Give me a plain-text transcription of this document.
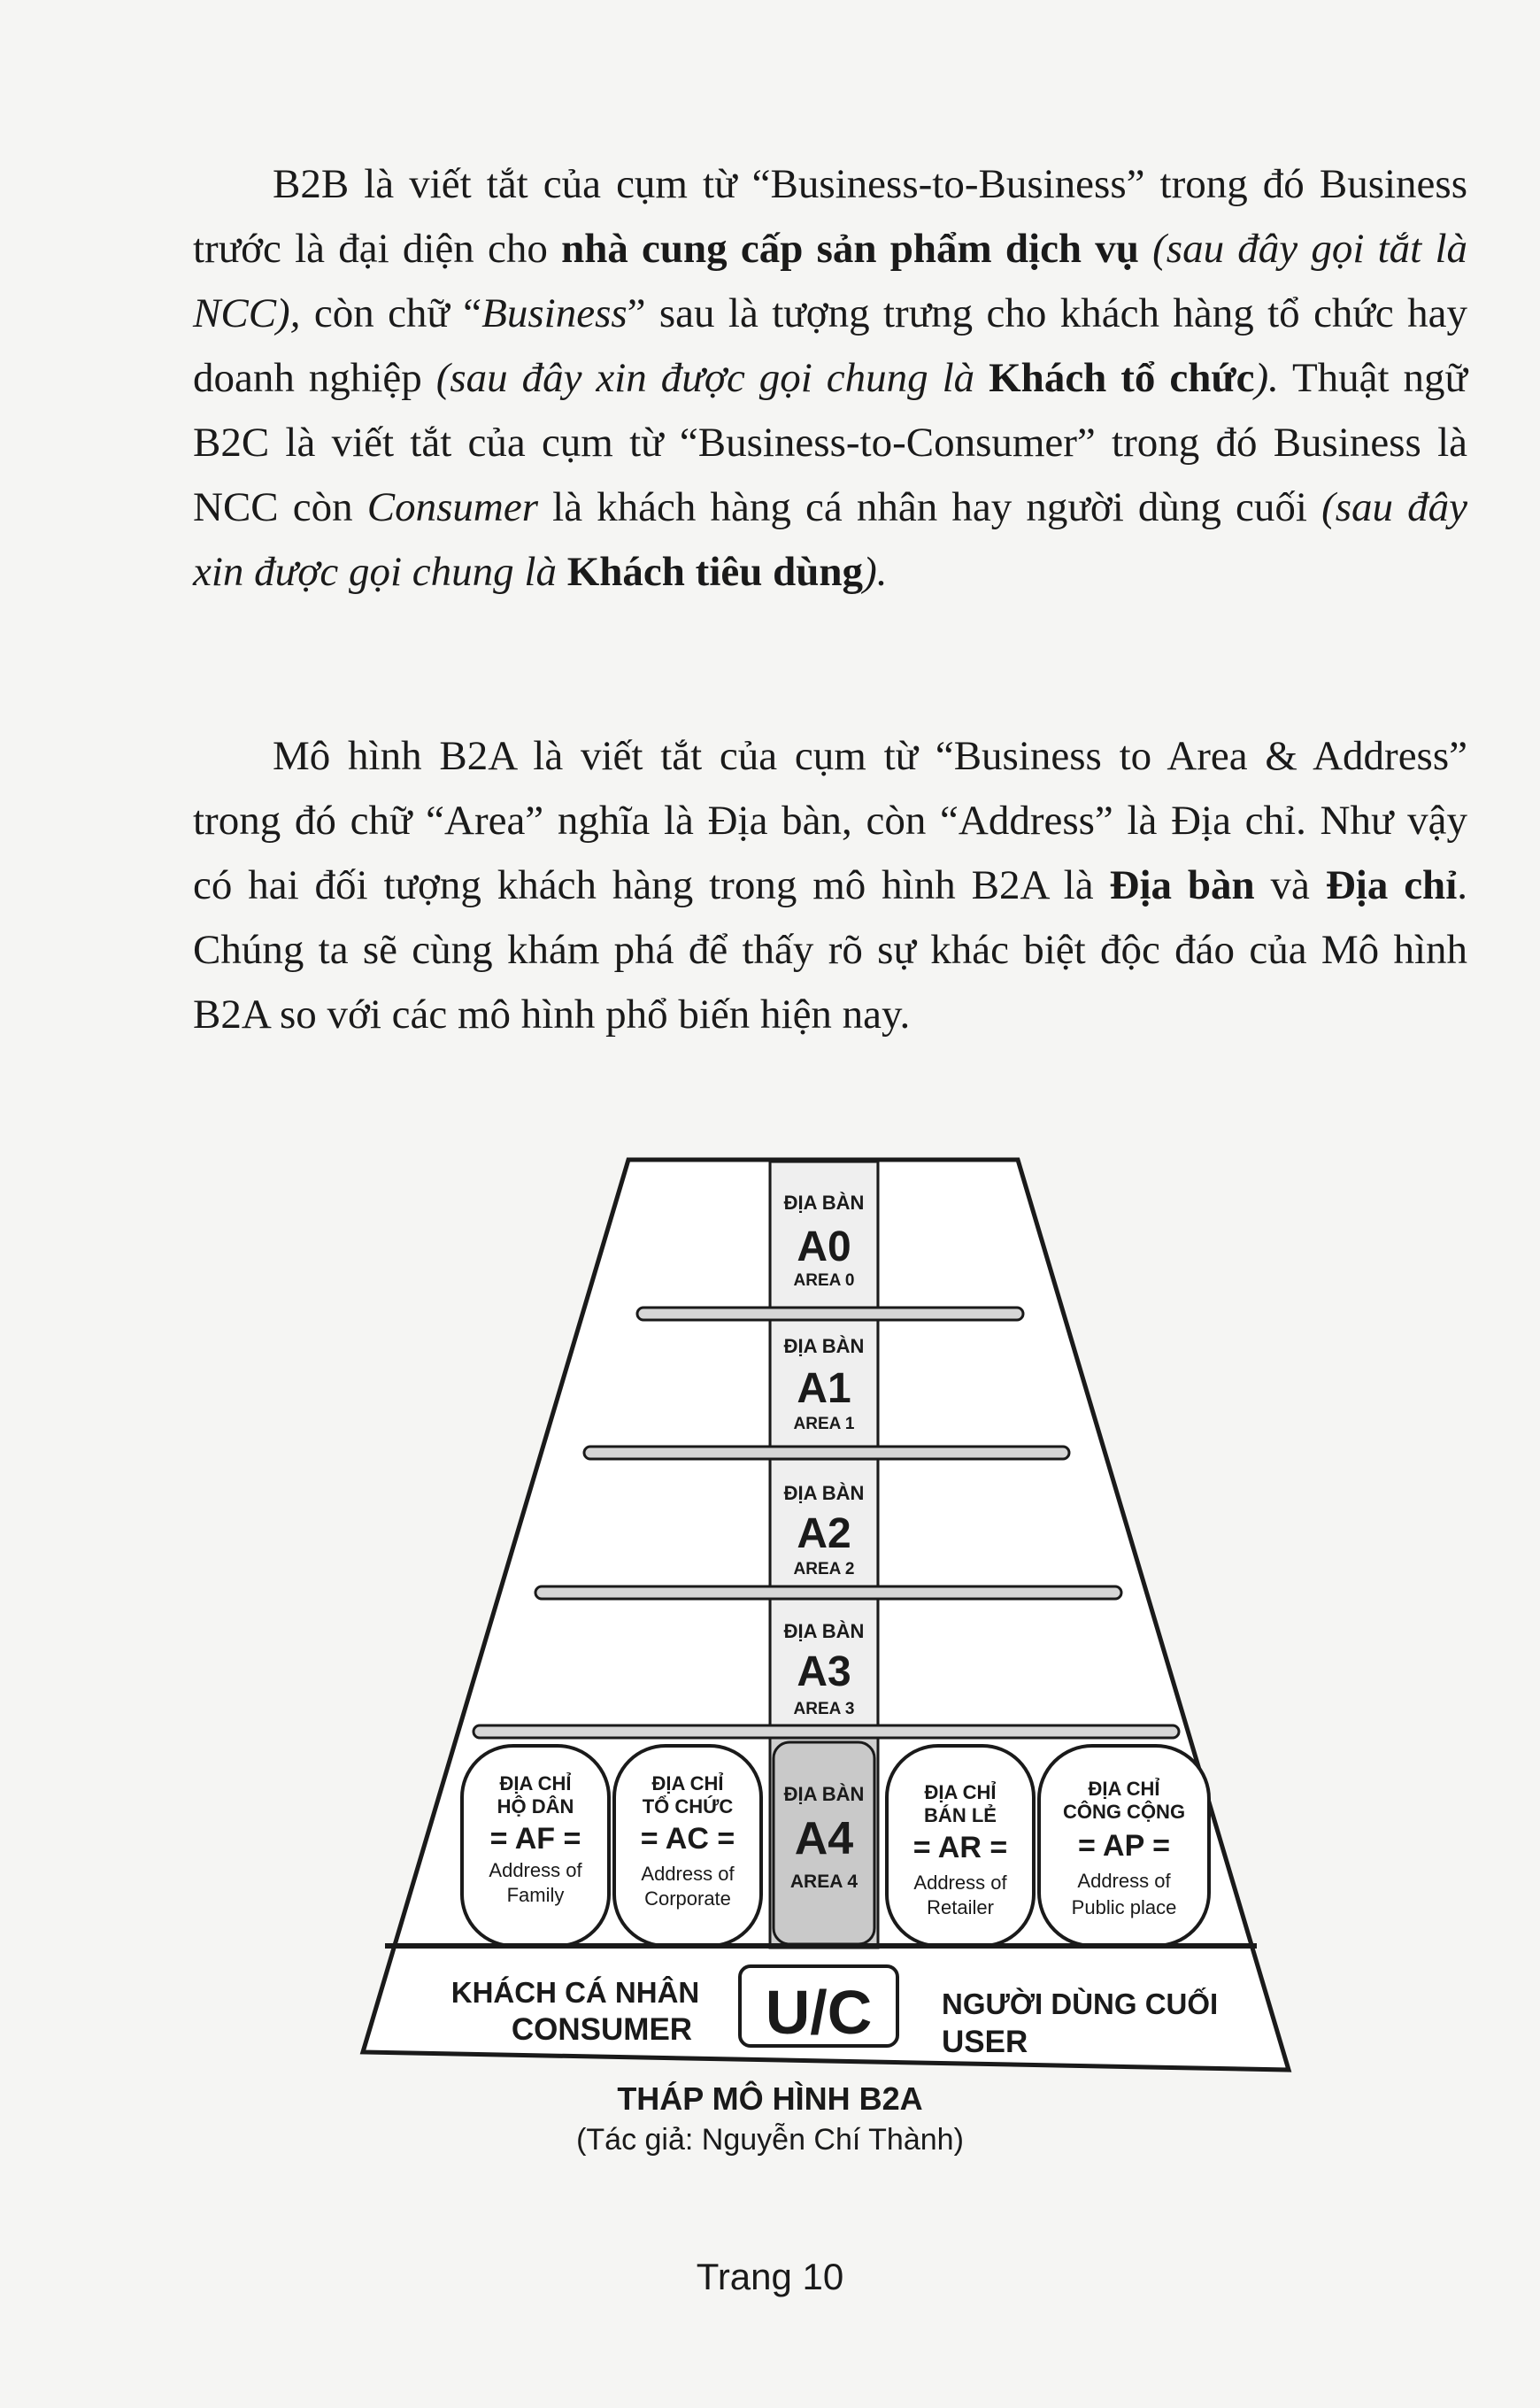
B2B là viết tắt của cụm từ “Business-to-Business” trong đó Business trước là đại diện cho nhà cung cấp sản phẩm dịch vụ (sau đây gọi tắt là NCC), còn chữ “Business” sau là tượng trưng cho khách hàng tổ chức hay doanh nghiệp (sau đây xin được gọi chung là Khách tổ chức). Thuật ngữ B2C là viết tắt của cụm từ “Business-to-Consumer” trong đó Business là NCC còn Consumer là khách hàng cá nhân hay người dùng cuối (sau đây xin được gọi chung là Khách tiêu dùng).

Mô hình B2A là viết tắt của cụm từ “Business to Area & Address” trong đó chữ “Area” nghĩa là Địa bàn, còn “Address” là Địa chỉ. Như vậy có hai đối tượng khách hàng trong mô hình B2A là Địa bàn và Địa chỉ. Chúng ta sẽ cùng khám phá để thấy rõ sự khác biệt độc đáo của Mô hình B2A so với các mô hình phổ biến hiện nay.

ĐỊA BÀN
A0
AREA 0
ĐỊA BÀN
A1
AREA 1
ĐỊA BÀN
A2
AREA 2
ĐỊA BÀN
A3
AREA 3
ĐỊA BÀN
A4
AREA 4
ĐỊA CHỈ
HỘ DÂN
= AF =
Address of
Family
ĐỊA CHỈ
TỔ CHỨC
= AC =
Address of
Corporate
ĐỊA CHỈ
BÁN LẺ
= AR =
Address of
Retailer
ĐỊA CHỈ
CÔNG CỘNG
= AP =
Address of
Public place
KHÁCH CÁ NHÂN
CONSUMER U/C NGƯỜI DÙNG CUỐI
USER
THÁP MÔ HÌNH B2A
(Tác giả: Nguyễn Chí Thành)
Trang 10
